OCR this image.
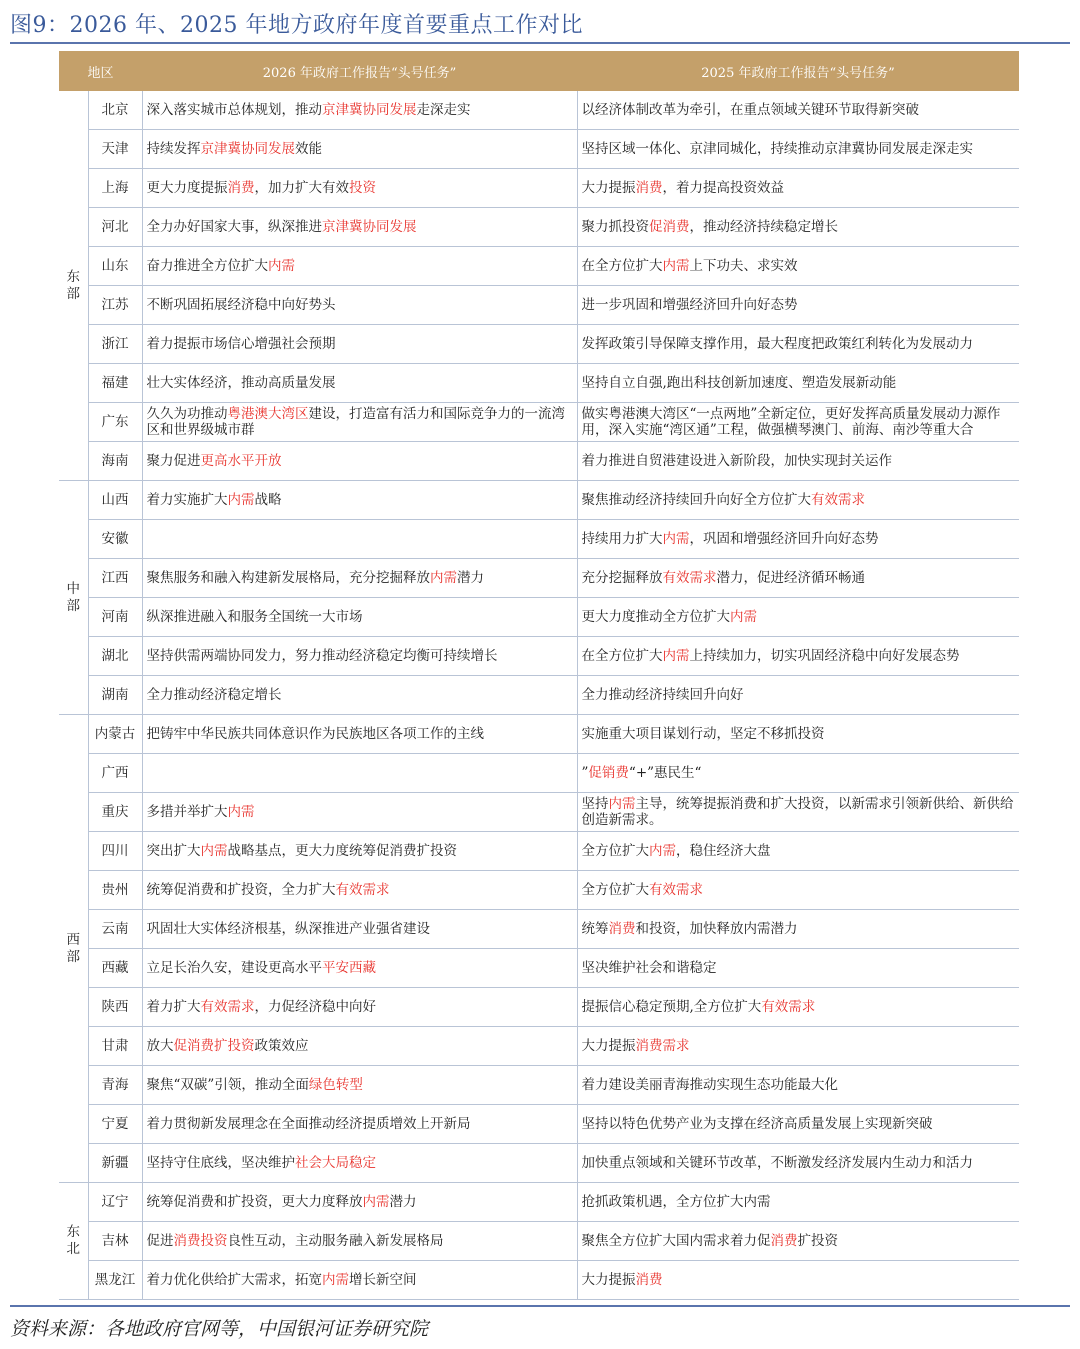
图9：2026 年、2025 年地方政府年度首要重点工作对比
地区		2026 年政府工作报告“头号任务”	2025 年政府工作报告“头号任务”
东
部	北京	深入落实城市总体规划，推动京津冀协同发展走深走实	以经济体制改革为牵引，在重点领域关键环节取得新突破
	天津	持续发挥京津冀协同发展效能	坚持区域一体化、京津同城化，持续推动京津冀协同发展走深走实
	上海	更大力度提振消费，加力扩大有效投资	大力提振消费，着力提高投资效益
	河北	全力办好国家大事，纵深推进京津冀协同发展	聚力抓投资促消费，推动经济持续稳定增长
	山东	奋力推进全方位扩大内需	在全方位扩大内需上下功夫、求实效
	江苏	不断巩固拓展经济稳中向好势头	进一步巩固和增强经济回升向好态势
	浙江	着力提振市场信心增强社会预期	发挥政策引导保障支撑作用，最大程度把政策红利转化为发展动力
	福建	壮大实体经济，推动高质量发展	坚持自立自强,跑出科技创新加速度、塑造发展新动能
	广东	久久为功推动粤港澳大湾区建设，打造富有活力和国际竞争力的一流湾区和世界级城市群	做实粤港澳大湾区“一点两地”全新定位，更好发挥高质量发展动力源作用，深入实施“湾区通”工程，做强横琴澳门、前海、南沙等重大合
	海南	聚力促进更高水平开放	着力推进自贸港建设进入新阶段，加快实现封关运作
中
部	山西	着力实施扩大内需战略	聚焦推动经济持续回升向好全方位扩大有效需求
	安徽		持续用力扩大内需，巩固和增强经济回升向好态势
	江西	聚焦服务和融入构建新发展格局，充分挖掘释放内需潜力	充分挖掘释放有效需求潜力，促进经济循环畅通
	河南	纵深推进融入和服务全国统一大市场	更大力度推动全方位扩大内需
	湖北	坚持供需两端协同发力，努力推动经济稳定均衡可持续增长	在全方位扩大内需上持续加力，切实巩固经济稳中向好发展态势
	湖南	全力推动经济稳定增长	全力推动经济持续回升向好
西
部	内蒙古	把铸牢中华民族共同体意识作为民族地区各项工作的主线	实施重大项目谋划行动，坚定不移抓投资
	广西		”促销费“+”惠民生“
	重庆	多措并举扩大内需	坚持内需主导，统筹提振消费和扩大投资，以新需求引领新供给、新供给创造新需求。
	四川	突出扩大内需战略基点，更大力度统筹促消费扩投资	全方位扩大内需，稳住经济大盘
	贵州	统筹促消费和扩投资，全力扩大有效需求	全方位扩大有效需求
	云南	巩固壮大实体经济根基，纵深推进产业强省建设	统筹消费和投资，加快释放内需潜力
	西藏	立足长治久安，建设更高水平平安西藏	坚决维护社会和谐稳定
	陕西	着力扩大有效需求，力促经济稳中向好	提振信心稳定预期,全方位扩大有效需求
	甘肃	放大促消费扩投资政策效应	大力提振消费需求
	青海	聚焦“双碳”引领，推动全面绿色转型	着力建设美丽青海推动实现生态功能最大化
	宁夏	着力贯彻新发展理念在全面推动经济提质增效上开新局	坚持以特色优势产业为支撑在经济高质量发展上实现新突破
	新疆	坚持守住底线，坚决维护社会大局稳定	加快重点领域和关键环节改革，不断激发经济发展内生动力和活力
东
北	辽宁	统筹促消费和扩投资，更大力度释放内需潜力	抢抓政策机遇，全方位扩大内需
	吉林	促进消费投资良性互动，主动服务融入新发展格局	聚焦全方位扩大国内需求着力促消费扩投资
	黑龙江	着力优化供给扩大需求，拓宽内需增长新空间	大力提振消费
资料来源：各地政府官网等，中国银河证券研究院
